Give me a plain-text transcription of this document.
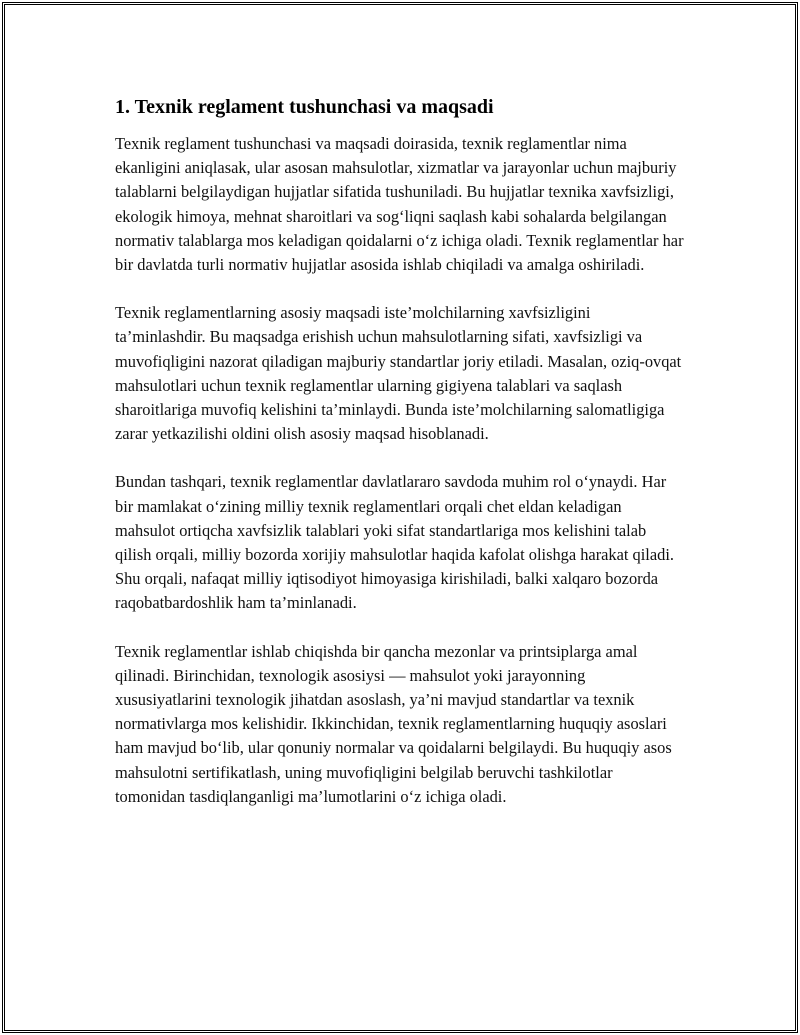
1. Texnik reglament tushunchasi va maqsadi

Texnik reglament tushunchasi va maqsadi doirasida, texnik reglamentlar nima ekanligini aniqlasak, ular asosan mahsulotlar, xizmatlar va jarayonlar uchun majburiy talablarni belgilaydigan hujjatlar sifatida tushuniladi. Bu hujjatlar texnika xavfsizligi, ekologik himoya, mehnat sharoitlari va sog‘liqni saqlash kabi sohalarda belgilangan normativ talablarga mos keladigan qoidalarni o‘z ichiga oladi. Texnik reglamentlar har bir davlatda turli normativ hujjatlar asosida ishlab chiqiladi va amalga oshiriladi.

Texnik reglamentlarning asosiy maqsadi iste’molchilarning xavfsizligini ta’minlashdir. Bu maqsadga erishish uchun mahsulotlarning sifati, xavfsizligi va muvofiqligini nazorat qiladigan majburiy standartlar joriy etiladi. Masalan, oziq-ovqat mahsulotlari uchun texnik reglamentlar ularning gigiyena talablari va saqlash sharoitlariga muvofiq kelishini ta’minlaydi. Bunda iste’molchilarning salomatligiga zarar yetkazilishi oldini olish asosiy maqsad hisoblanadi.

Bundan tashqari, texnik reglamentlar davlatlararo savdoda muhim rol o‘ynaydi. Har bir mamlakat o‘zining milliy texnik reglamentlari orqali chet eldan keladigan mahsulot ortiqcha xavfsizlik talablari yoki sifat standartlariga mos kelishini talab qilish orqali, milliy bozorda xorijiy mahsulotlar haqida kafolat olishga harakat qiladi. Shu orqali, nafaqat milliy iqtisodiyot himoyasiga kirishiladi, balki xalqaro bozorda raqobatbardoshlik ham ta’minlanadi.

Texnik reglamentlar ishlab chiqishda bir qancha mezonlar va printsiplarga amal qilinadi. Birinchidan, texnologik asosiysi — mahsulot yoki jarayonning xususiyatlarini texnologik jihatdan asoslash, ya’ni mavjud standartlar va texnik normativlarga mos kelishidir. Ikkinchidan, texnik reglamentlarning huquqiy asoslari ham mavjud bo‘lib, ular qonuniy normalar va qoidalarni belgilaydi. Bu huquqiy asos mahsulotni sertifikatlash, uning muvofiqligini belgilab beruvchi tashkilotlar tomonidan tasdiqlanganligi ma’lumotlarini o‘z ichiga oladi.
